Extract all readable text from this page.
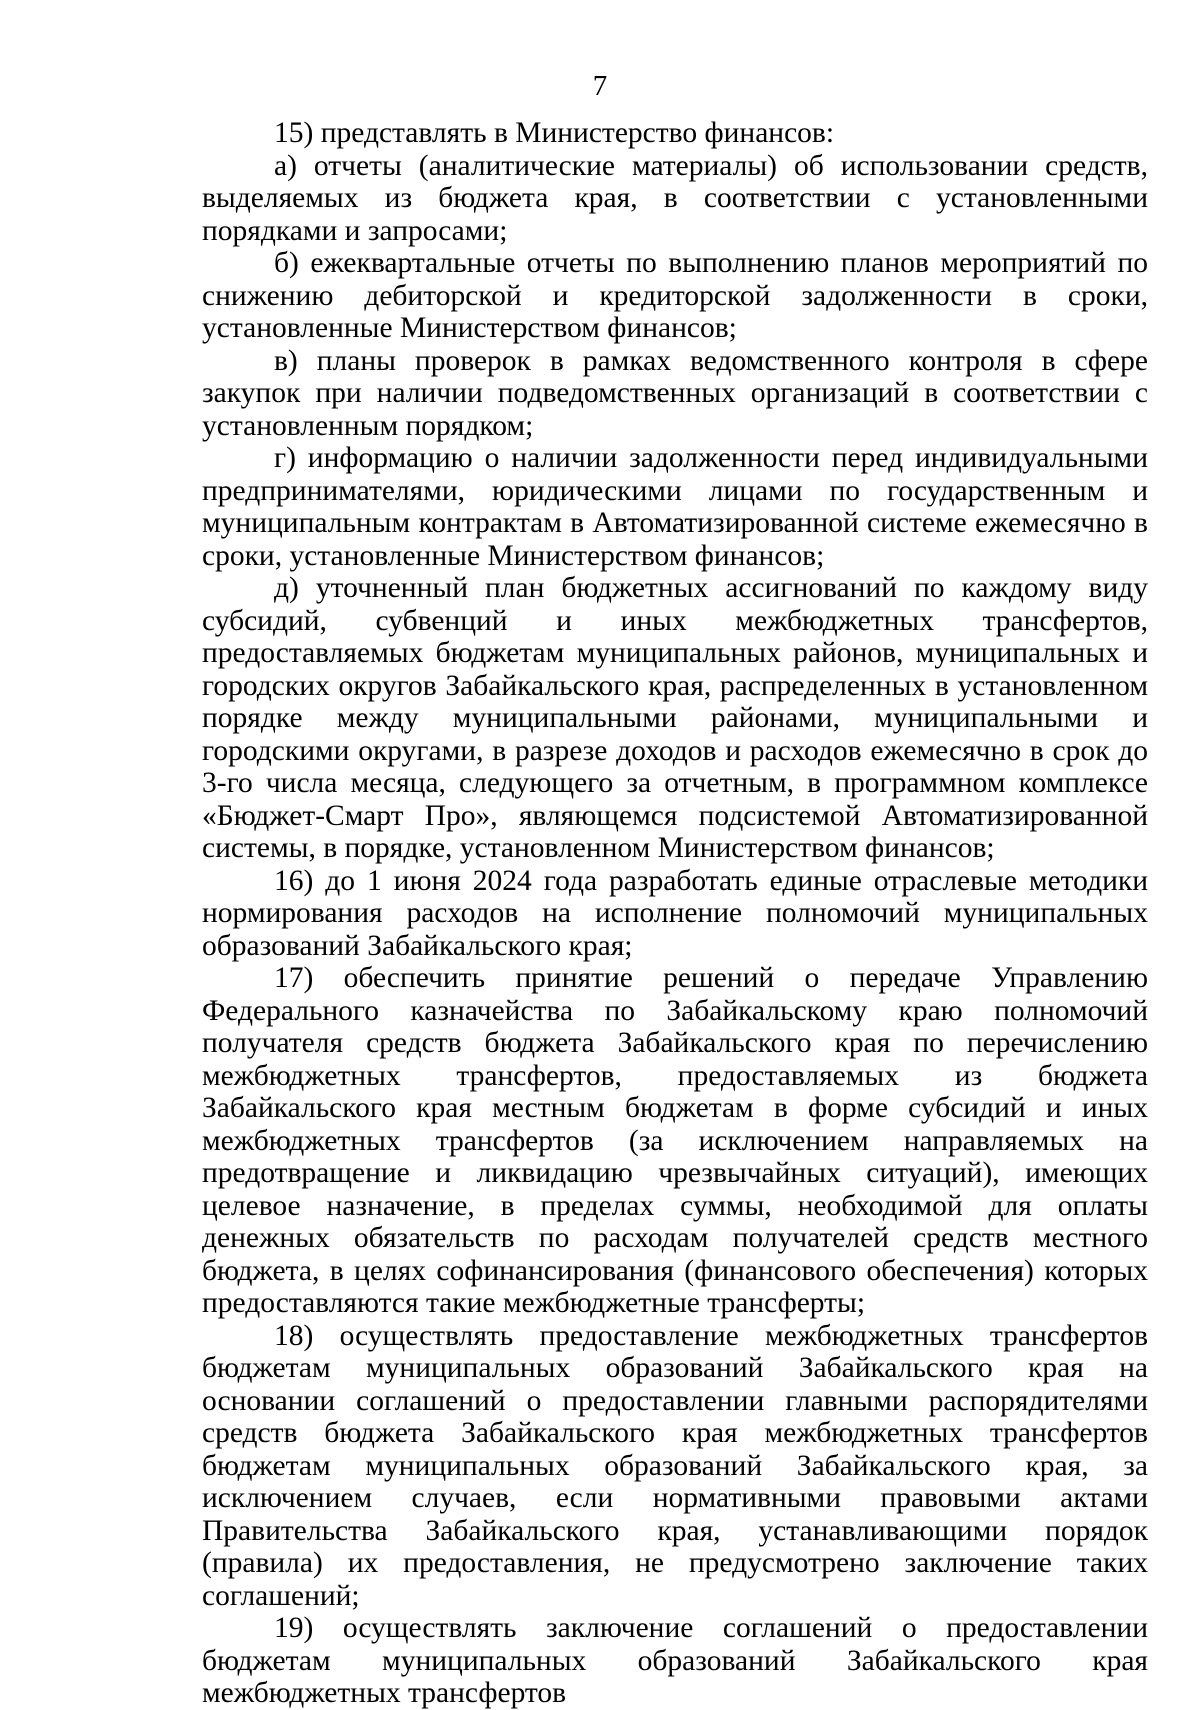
7

15) представлять в Министерство финансов:

а) отчеты (аналитические материалы) об использовании средств, выделяемых из бюджета края, в соответствии с установленными порядками и запросами;

б) ежеквартальные отчеты по выполнению планов мероприятий по снижению дебиторской и кредиторской задолженности в сроки, установленные Министерством финансов;

в) планы проверок в рамках ведомственного контроля в сфере закупок при наличии подведомственных организаций в соответствии с установленным порядком;

г) информацию о наличии задолженности перед индивидуальными предпринимателями, юридическими лицами по государственным и муниципальным контрактам в Автоматизированной системе ежемесячно в сроки, установленные Министерством финансов;

д) уточненный план бюджетных ассигнований по каждому виду субсидий, субвенций и иных межбюджетных трансфертов, предоставляемых бюджетам муниципальных районов, муниципальных и городских округов Забайкальского края, распределенных в установленном порядке между муниципальными районами, муниципальными и городскими округами, в разрезе доходов и расходов ежемесячно в срок до 3-го числа месяца, следующего за отчетным, в программном комплексе «Бюджет-Смарт Про», являющемся подсистемой Автоматизированной системы, в порядке, установленном Министерством финансов;

16) до 1 июня 2024 года разработать единые отраслевые методики нормирования расходов на исполнение полномочий муниципальных образований Забайкальского края;

17) обеспечить принятие решений о передаче Управлению Федерального казначейства по Забайкальскому краю полномочий получателя средств бюджета Забайкальского края по перечислению межбюджетных трансфертов, предоставляемых из бюджета Забайкальского края местным бюджетам в форме субсидий и иных межбюджетных трансфертов (за исключением направляемых на предотвращение и ликвидацию чрезвычайных ситуаций), имеющих целевое назначение, в пределах суммы, необходимой для оплаты денежных обязательств по расходам получателей средств местного бюджета, в целях софинансирования (финансового обеспечения) которых предоставляются такие межбюджетные трансферты;

18) осуществлять предоставление межбюджетных трансфертов бюджетам муниципальных образований Забайкальского края на основании соглашений о предоставлении главными распорядителями средств бюджета Забайкальского края межбюджетных трансфертов бюджетам муниципальных образований Забайкальского края, за исключением случаев, если нормативными правовыми актами Правительства Забайкальского края, устанавливающими порядок (правила) их предоставления, не предусмотрено заключение таких соглашений;

19) осуществлять заключение соглашений о предоставлении бюджетам муниципальных образований Забайкальского края межбюджетных трансфертов
